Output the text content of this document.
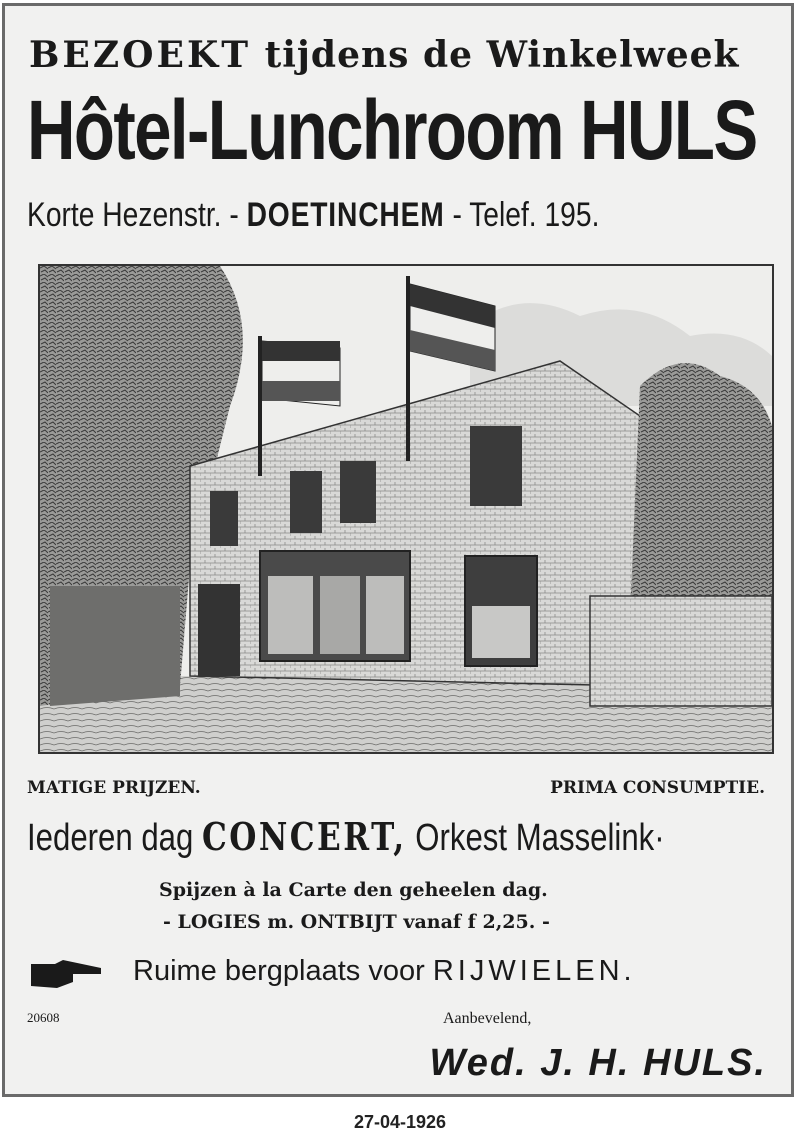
BEZOEKT tijdens de Winkelweek
Hôtel-Lunchroom HULS
Korte Hezenstr. - DOETINCHEM - Telef. 195.
MATIGE PRIJZEN.	PRIMA CONSUMPTIE.
Iederen dag CONCERT, Orkest Masselink·
Spijzen à la Carte den geheelen dag.
- LOGIES m. ONTBIJT vanaf f 2,25. -
Ruime bergplaats voor RIJWIELEN.
20608	Aanbevelend,
Wed. J. H. HULS.
27-04-1926
